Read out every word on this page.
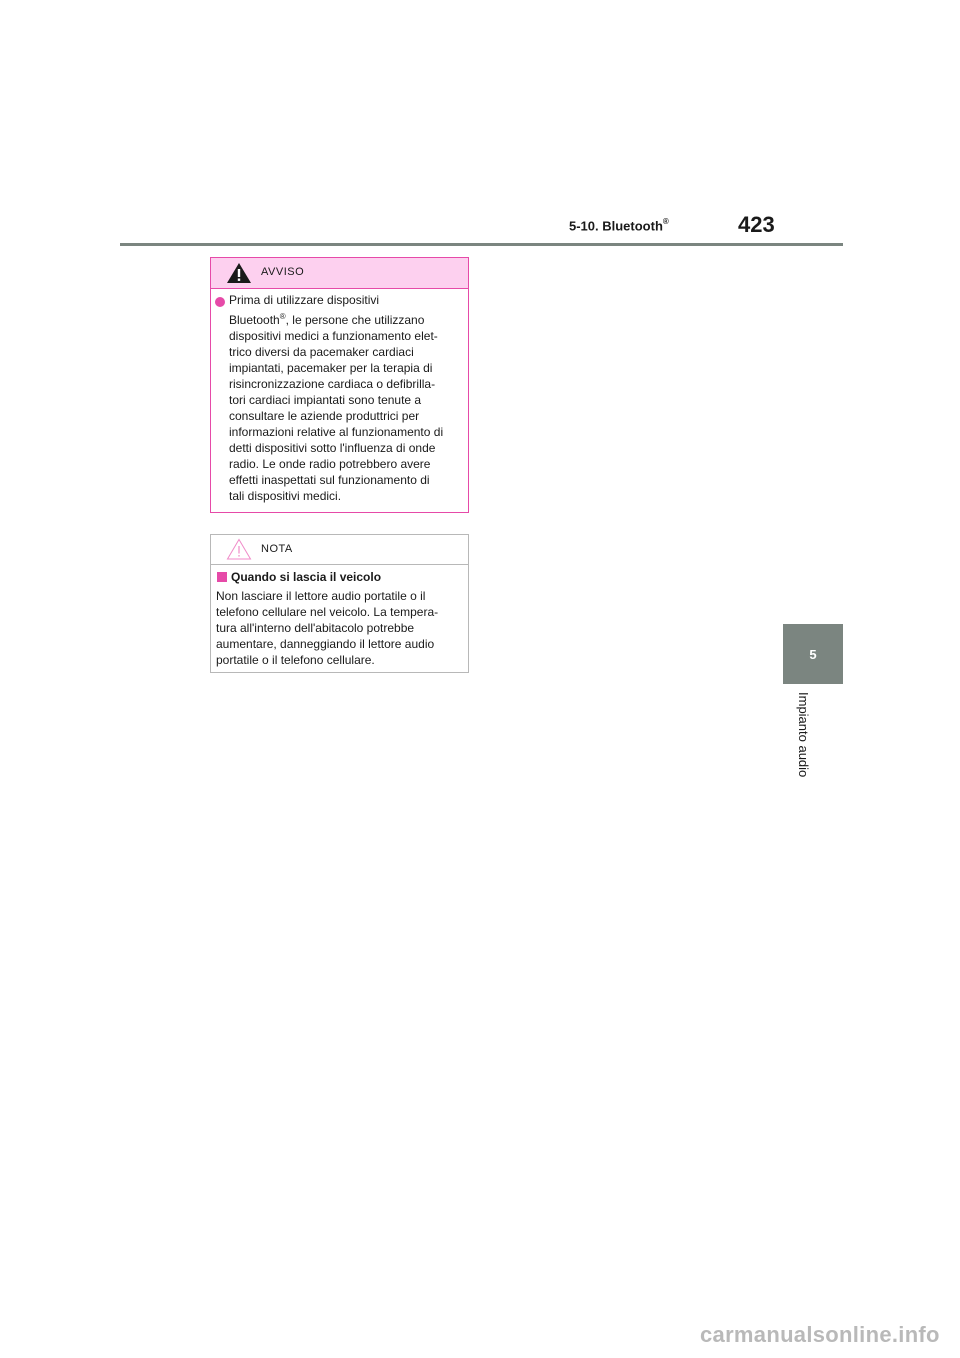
5-10. Bluetooth®	423
5
Impianto audio
AVVISO
Prima di utilizzare dispositivi
Bluetooth®, le persone che utilizzano
dispositivi medici a funzionamento elet-
trico diversi da pacemaker cardiaci
impiantati, pacemaker per la terapia di
risincronizzazione cardiaca o defibrilla-
tori cardiaci impiantati sono tenute a
consultare le aziende produttrici per
informazioni relative al funzionamento di
detti dispositivi sotto l'influenza di onde
radio. Le onde radio potrebbero avere
effetti inaspettati sul funzionamento di
tali dispositivi medici.
NOTA
Quando si lascia il veicolo
Non lasciare il lettore audio portatile o il
telefono cellulare nel veicolo. La tempera-
tura all'interno dell'abitacolo potrebbe
aumentare, danneggiando il lettore audio
portatile o il telefono cellulare.
carmanualsonline.info
